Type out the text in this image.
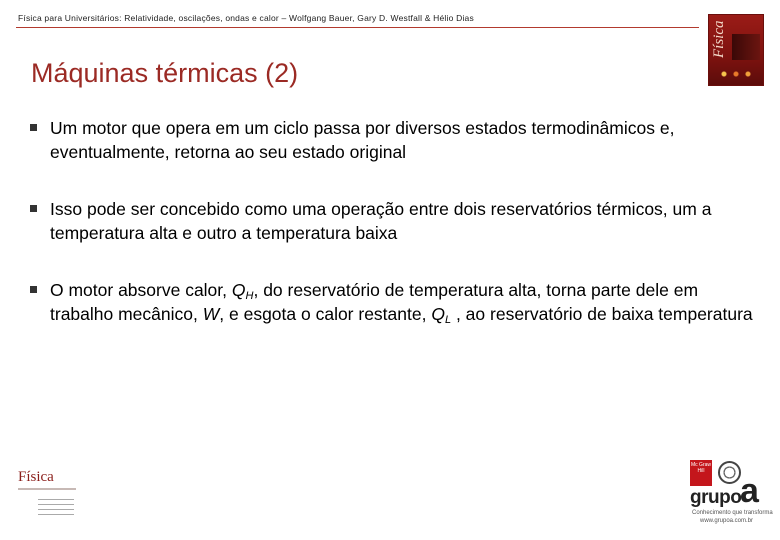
Física para Universitários: Relatividade, oscilações, ondas e calor – Wolfgang Bauer, Gary D. Westfall & Hélio Dias
Física
Máquinas térmicas (2)
Um motor que opera em um ciclo passa por diversos estados termodinâmicos e, eventualmente, retorna ao seu estado original
Isso pode ser concebido como uma operação entre dois reservatórios térmicos, um a temperatura alta e outro a temperatura baixa
O motor absorve calor, $Q_H$, do reservatório de temperatura alta, torna parte dele em trabalho mecânico, W, e esgota o calor restante, $Q_L$ , ao reservatório de baixa temperatura
Física
Mc Graw Hill
grupo
a
Conhecimento que transforma
www.grupoa.com.br
